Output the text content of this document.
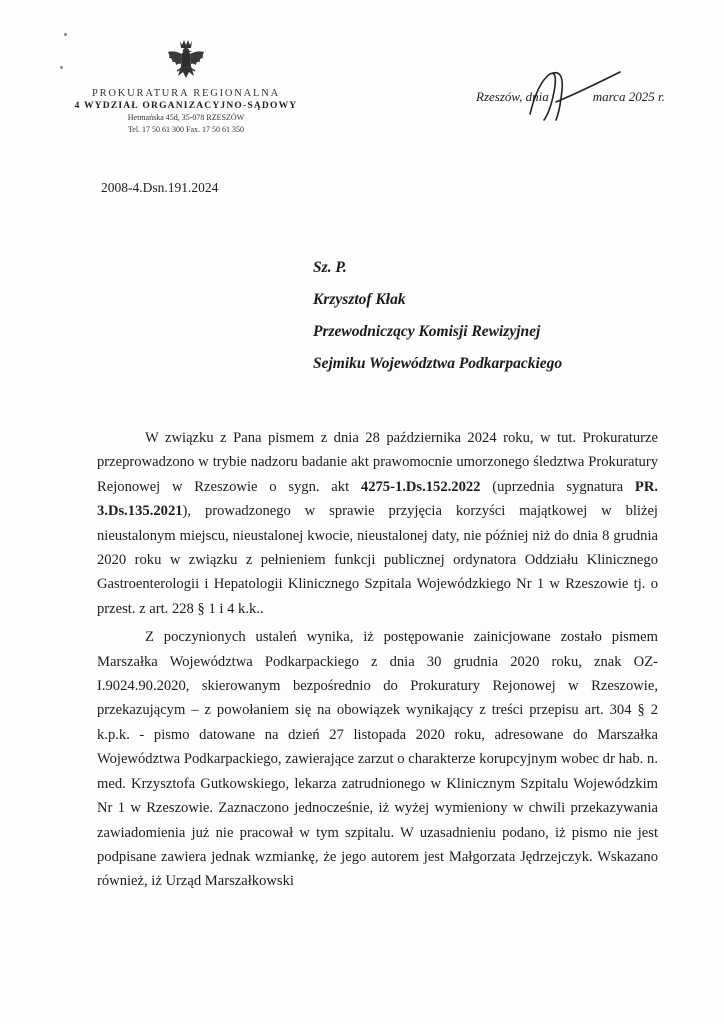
PROKURATURA REGIONALNA
4 WYDZIAŁ ORGANIZACYJNO-SĄDOWY
Hetmańska 45d, 35-078 RZESZÓW
Tel. 17 50 61 300 Fax. 17 50 61 350
Rzeszów, dnia	marca 2025 r.
2008-4.Dsn.191.2024
Sz. P.
Krzysztof Kłak
Przewodniczący Komisji Rewizyjnej
Sejmiku Województwa Podkarpackiego

W związku z Pana pismem z dnia 28 października 2024 roku, w tut. Prokuraturze przeprowadzono w trybie nadzoru badanie akt prawomocnie umorzonego śledztwa Prokuratury Rejonowej w Rzeszowie o sygn. akt 4275-1.Ds.152.2022 (uprzednia sygnatura PR. 3.Ds.135.2021), prowadzonego w sprawie przyjęcia korzyści majątkowej w bliżej nieustalonym miejscu, nieustalonej kwocie, nieustalonej daty, nie później niż do dnia 8 grudnia 2020 roku w związku z pełnieniem funkcji publicznej ordynatora Oddziału Klinicznego Gastroenterologii i Hepatologii Klinicznego Szpitala Wojewódzkiego Nr 1 w Rzeszowie tj. o przest. z art. 228 § 1 i 4 k.k..

Z poczynionych ustaleń wynika, iż postępowanie zainicjowane zostało pismem Marszałka Województwa Podkarpackiego z dnia 30 grudnia 2020 roku, znak OZ-I.9024.90.2020, skierowanym bezpośrednio do Prokuratury Rejonowej w Rzeszowie, przekazującym – z powołaniem się na obowiązek wynikający z treści przepisu art. 304 § 2 k.p.k. - pismo datowane na dzień 27 listopada 2020 roku, adresowane do Marszałka Województwa Podkarpackiego, zawierające zarzut o charakterze korupcyjnym wobec dr hab. n. med. Krzysztofa Gutkowskiego, lekarza zatrudnionego w Klinicznym Szpitalu Wojewódzkim Nr 1 w Rzeszowie. Zaznaczono jednocześnie, iż wyżej wymieniony w chwili przekazywania zawiadomienia już nie pracował w tym szpitalu. W uzasadnieniu podano, iż pismo nie jest podpisane zawiera jednak wzmiankę, że jego autorem jest Małgorzata Jędrzejczyk. Wskazano również, iż Urząd Marszałkowski
